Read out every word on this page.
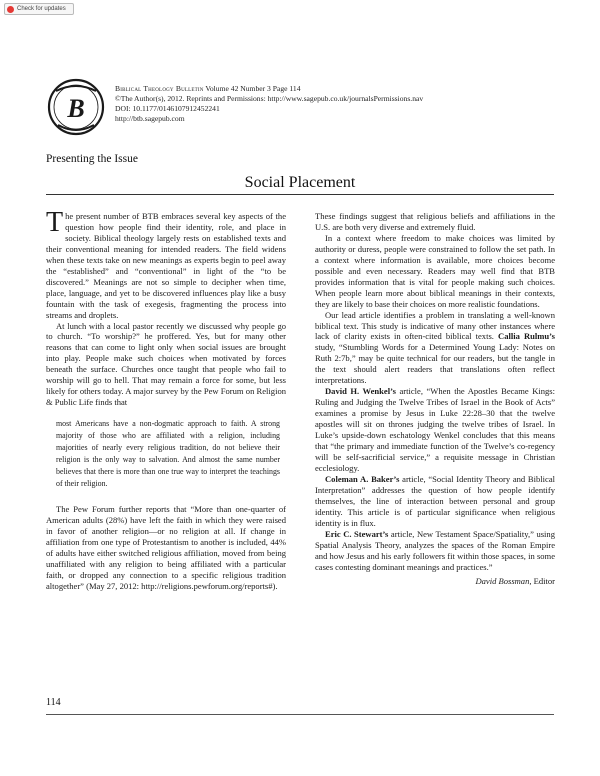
Check for updates
B
Biblical Theology Bulletin Volume 42 Number 3 Page 114
©The Author(s), 2012. Reprints and Permissions: http://www.sagepub.co.uk/journalsPermissions.nav
DOI: 10.1177/0146107912452241
http://btb.sagepub.com
Presenting the Issue
Social Placement

The present number of BTB embraces several key aspects of the question how people find their identity, role, and place in society. Biblical theology largely rests on established texts and their conventional meaning for intended readers. The field widens when these texts take on new meanings as experts begin to peel away the “established” and “conventional” in light of the “to be discovered.” Meanings are not so simple to decipher when time, place, language, and yet to be discovered influences play like a busy fountain with the task of exegesis, fragmenting the process into streams and droplets.

At lunch with a local pastor recently we discussed why people go to church. “To worship?” he proffered. Yes, but for many other reasons that can come to light only when social issues are brought into play. People make such choices when motivated by forces beneath the surface. Churches once taught that people who fail to worship will go to hell. That may remain a force for some, but less likely for others today. A major survey by the Pew Forum on Religion & Public Life finds that

most Americans have a non-dogmatic approach to faith. A strong majority of those who are affiliated with a religion, including majorities of nearly every religious tradition, do not believe their religion is the only way to salvation. And almost the same number believes that there is more than one true way to interpret the teachings of their religion.

The Pew Forum further reports that “More than one-quarter of American adults (28%) have left the faith in which they were raised in favor of another religion—or no religion at all. If change in affiliation from one type of Protestantism to another is included, 44% of adults have either switched religious affiliation, moved from being unaffiliated with any religion to being affiliated with a particular faith, or dropped any connection to a specific religious tradition altogether” (May 27, 2012: http://religions.pewforum.org/reports#).

These findings suggest that religious beliefs and affiliations in the U.S. are both very diverse and extremely fluid.

In a context where freedom to make choices was limited by authority or duress, people were constrained to follow the set path. In a context where information is available, more choices become possible and even necessary. Readers may well find that BTB provides information that is vital for people making such choices. When people learn more about biblical meanings in their contexts, they are likely to base their choices on more realistic foundations.

Our lead article identifies a problem in translating a well-known biblical text. This study is indicative of many other instances where lack of clarity exists in often-cited biblical texts. Callia Rulmu’s study, “Stumbling Words for a Determined Young Lady: Notes on Ruth 2:7b,” may be quite technical for our readers, but the tangle in the text should alert readers that translations often reflect interpretations.

David H. Wenkel’s article, “When the Apostles Became Kings: Ruling and Judging the Twelve Tribes of Israel in the Book of Acts” examines a promise by Jesus in Luke 22:28–30 that the twelve apostles will sit on thrones judging the twelve tribes of Israel. In Luke’s upside-down eschatology Wenkel concludes that this means that “the primary and immediate function of the Twelve’s co-regency will be self-sacrificial service,” a requisite message in Christian ecclesiology.

Coleman A. Baker’s article, “Social Identity Theory and Biblical Interpretation” addresses the question of how people identify themselves, the line of interaction between personal and group identity. This article is of particular significance when religious identity is in flux.

Eric C. Stewart’s article, New Testament Space/Spatiality,” using Spatial Analysis Theory, analyzes the spaces of the Roman Empire and how Jesus and his early followers fit within those spaces, in some cases contesting dominant meanings and practices.”

David Bossman, Editor

114
